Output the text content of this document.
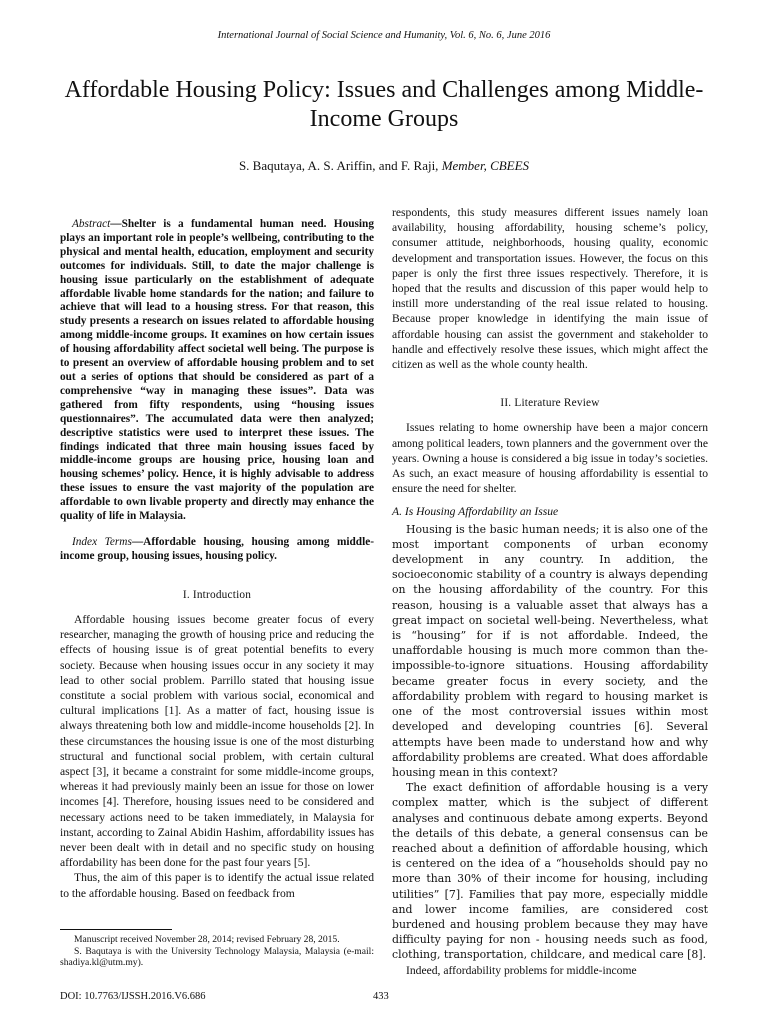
International Journal of Social Science and Humanity, Vol. 6, No. 6, June 2016
Affordable Housing Policy: Issues and Challenges among Middle-Income Groups
S. Baqutaya, A. S. Ariffin, and F. Raji, Member, CBEES

Abstract—Shelter is a fundamental human need. Housing plays an important role in people’s wellbeing, contributing to the physical and mental health, education, employment and security outcomes for individuals. Still, to date the major challenge is housing issue particularly on the establishment of adequate affordable livable home standards for the nation; and failure to achieve that will lead to a housing stress. For that reason, this study presents a research on issues related to affordable housing among middle-income groups. It examines on how certain issues of housing affordability affect societal well being. The purpose is to present an overview of affordable housing problem and to set out a series of options that should be considered as part of a comprehensive “way in managing these issues”. Data was gathered from fifty respondents, using “housing issues questionnaires”. The accumulated data were then analyzed; descriptive statistics were used to interpret these issues. The findings indicated that three main housing issues faced by middle-income groups are housing price, housing loan and housing schemes’ policy. Hence, it is highly advisable to address these issues to ensure the vast majority of the population are affordable to own livable property and directly may enhance the quality of life in Malaysia.

Index Terms—Affordable housing, housing among middle-income group, housing issues, housing policy.

I. Introduction

Affordable housing issues become greater focus of every researcher, managing the growth of housing price and reducing the effects of housing issue is of great potential benefits to every society. Because when housing issues occur in any society it may lead to other social problem. Parrillo stated that housing issue constitute a social problem with various social, economical and cultural implications [1]. As a matter of fact, housing issue is always threatening both low and middle-income households [2]. In these circumstances the housing issue is one of the most disturbing structural and functional social problem, with certain cultural aspect [3], it became a constraint for some middle-income groups, whereas it had previously mainly been an issue for those on lower incomes [4]. Therefore, housing issues need to be considered and necessary actions need to be taken immediately, in Malaysia for instant, according to Zainal Abidin Hashim, affordability issues has never been dealt with in detail and no specific study on housing affordability has been done for the past four years [5].

Thus, the aim of this paper is to identify the actual issue related to the affordable housing. Based on feedback from

respondents, this study measures different issues namely loan availability, housing affordability, housing scheme’s policy, consumer attitude, neighborhoods, housing quality, economic development and transportation issues. However, the focus on this paper is only the first three issues respectively. Therefore, it is hoped that the results and discussion of this paper would help to instill more understanding of the real issue related to housing. Because proper knowledge in identifying the main issue of affordable housing can assist the government and stakeholder to handle and effectively resolve these issues, which might affect the citizen as well as the whole county health.

II. Literature Review

Issues relating to home ownership have been a major concern among political leaders, town planners and the government over the years. Owning a house is considered a big issue in today’s societies. As such, an exact measure of housing affordability is essential to ensure the need for shelter.

A. Is Housing Affordability an Issue

Housing is the basic human needs; it is also one of the most important components of urban economy development in any country. In addition, the socioeconomic stability of a country is always depending on the housing affordability of the country. For this reason, housing is a valuable asset that always has a great impact on societal well-being. Nevertheless, what is “housing” for if is not affordable. Indeed, the unaffordable housing is much more common than the-impossible-to-ignore situations. Housing affordability became greater focus in every society, and the affordability problem with regard to housing market is one of the most controversial issues within most developed and developing countries [6]. Several attempts have been made to understand how and why affordability problems are created. What does affordable housing mean in this context?

The exact definition of affordable housing is a very complex matter, which is the subject of different analyses and continuous debate among experts. Beyond the details of this debate, a general consensus can be reached about a definition of affordable housing, which is centered on the idea of a “households should pay no more than 30% of their income for housing, including utilities” [7]. Families that pay more, especially middle and lower income families, are considered cost burdened and housing problem because they may have difficulty paying for non - housing needs such as food, clothing, transportation, childcare, and medical care [8].

Indeed, affordability problems for middle-income

Manuscript received November 28, 2014; revised February 28, 2015.

S. Baqutaya is with the University Technology Malaysia, Malaysia (e-mail: shadiya.kl@utm.my).

DOI: 10.7763/IJSSH.2016.V6.686	433
